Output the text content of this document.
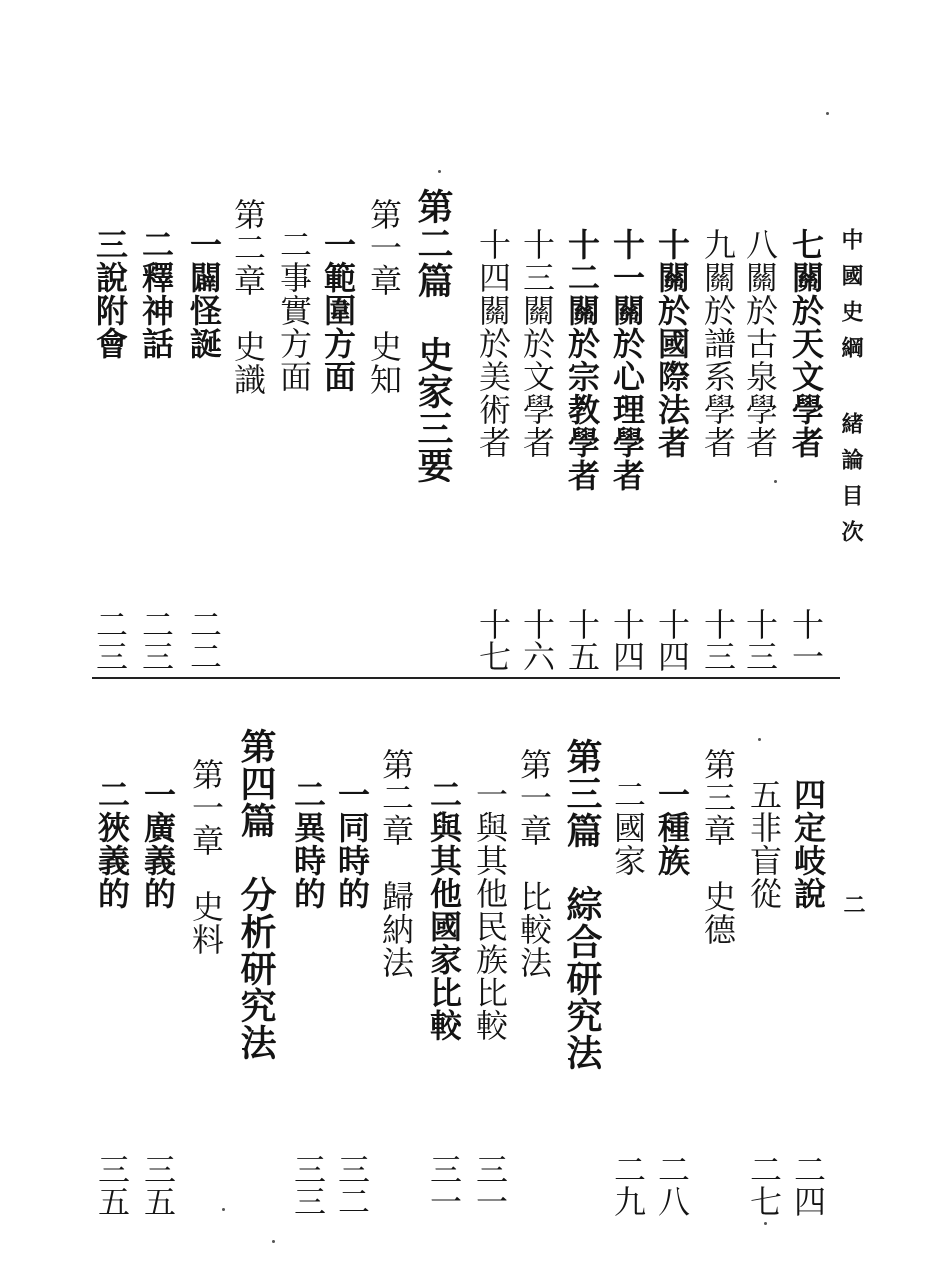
中國史綱 緒論目次
二
七關於天文學者
十一
八關於古泉學者
十三
九關於譜系學者
十三
十關於國際法者
十四
十一關於心理學者
十四
十二關於宗教學者
十五
十三關於文學者
十六
十四關於美術者
十七
第二篇　史家三要
第一章　史知
一範圍方面
二事實方面
第二章　史識
一闢怪誕
二二
二釋神話
二三
三說附會
二三
四定岐說
二四
五非盲從
二七
第三章　史德
一種族
二八
二國家
二九
第三篇　綜合研究法
第一章　比較法
一與其他民族比較
三一
二與其他國家比較
三一
第二章　歸納法
一同時的
三二
二異時的
三三
第四篇　分析研究法
第一章　史料
一廣義的
三五
二狹義的
三五
